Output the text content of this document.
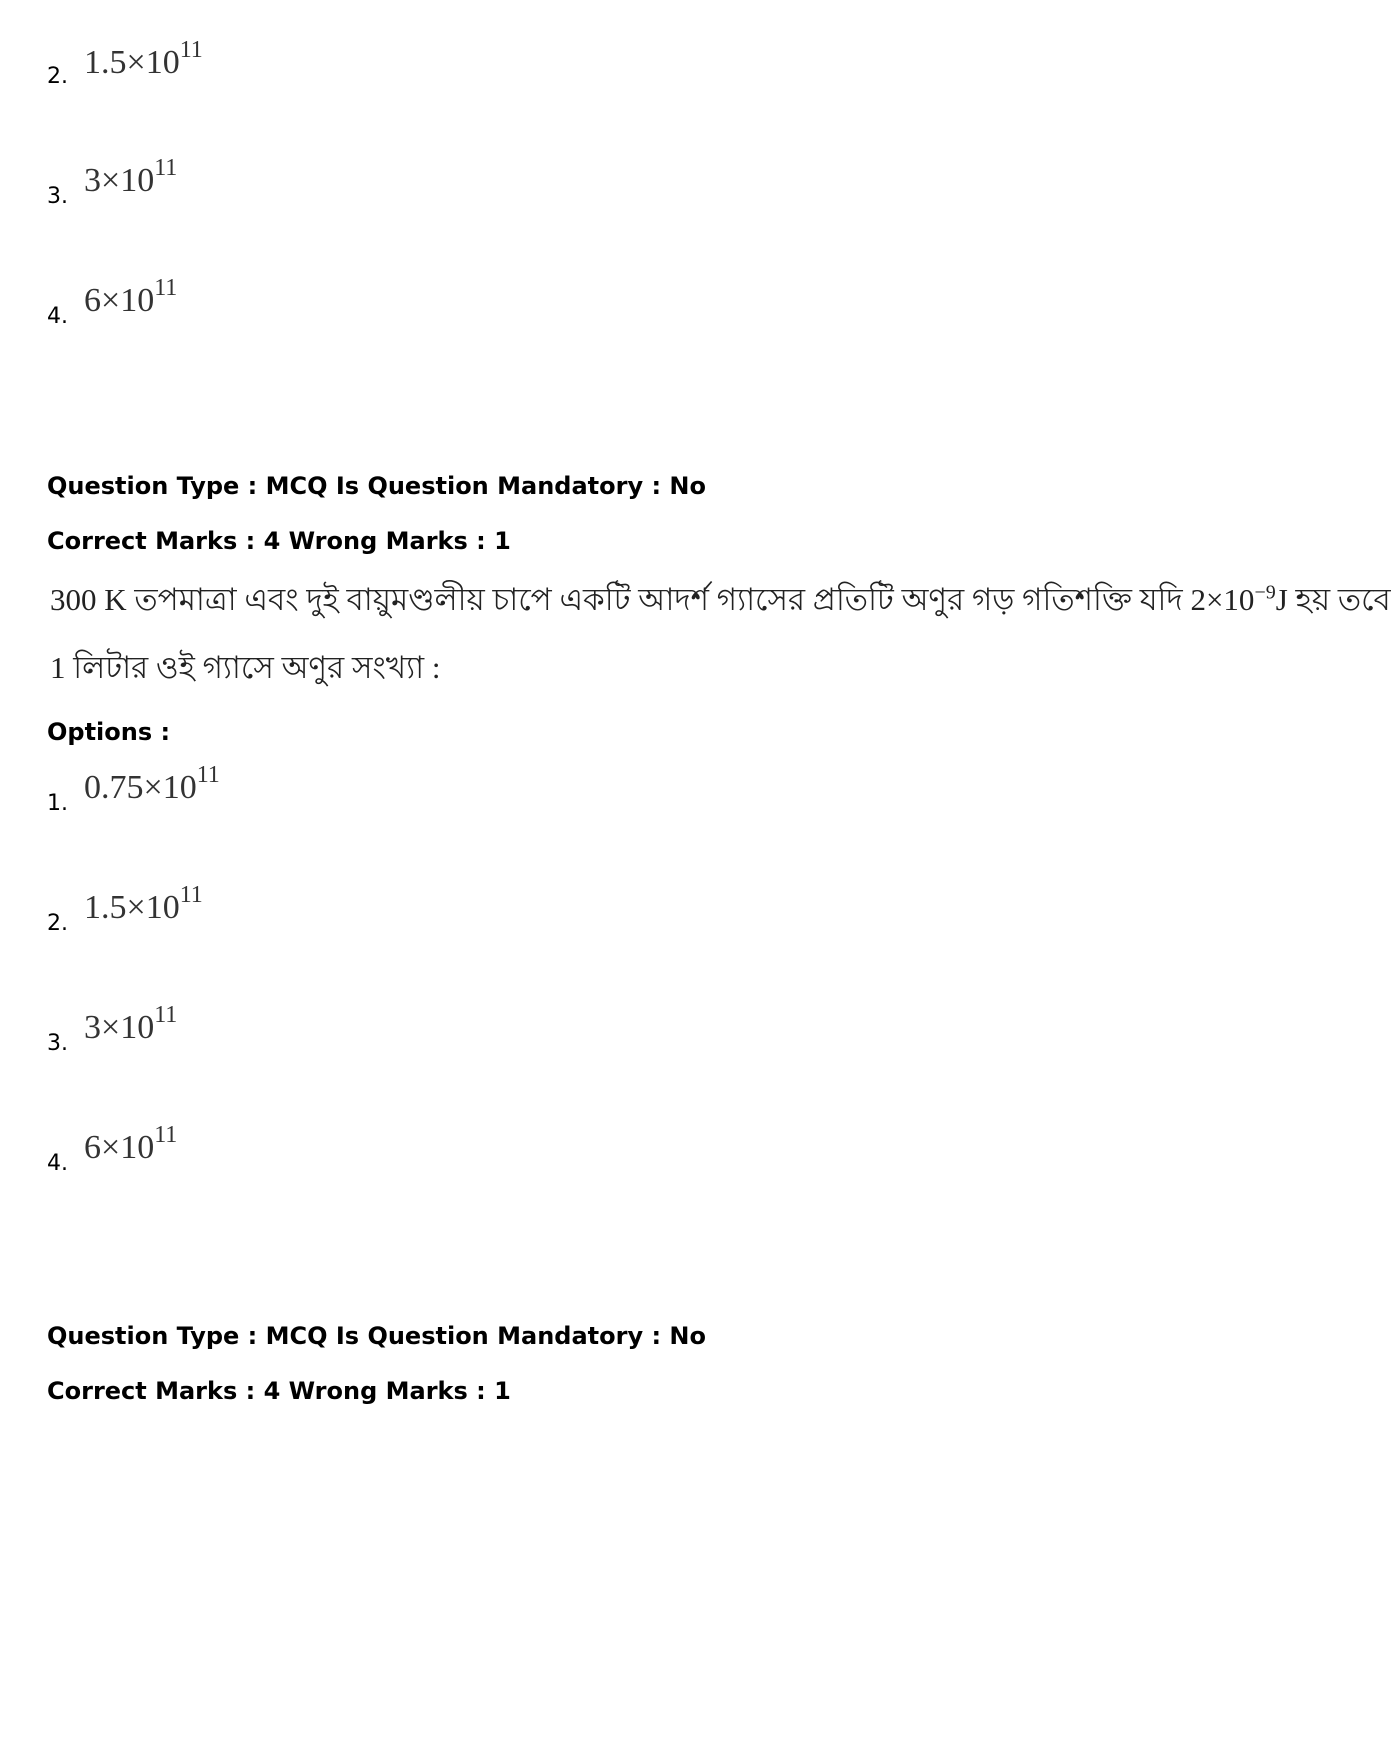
2. $1.5\times 10^{11}$
3. $3\times 10^{11}$
4. $6\times 10^{11}$
Question Type : MCQ Is Question Mandatory : No
Correct Marks : 4 Wrong Marks : 1
300 K তপমাত্রা এবং দুই বায়ুমণ্ডলীয় চাপে একটি আদর্শ গ্যাসের প্রতিটি অণুর গড় গতিশক্তি যদি $2\times 10^{-9}J$ হয় তবে
1 লিটার ওই গ্যাসে অণুর সংখ্যা :
Options :
1. $0.75\times 10^{11}$
2. $1.5\times 10^{11}$
3. $3\times 10^{11}$
4. $6\times 10^{11}$
Question Type : MCQ Is Question Mandatory : No
Correct Marks : 4 Wrong Marks : 1
